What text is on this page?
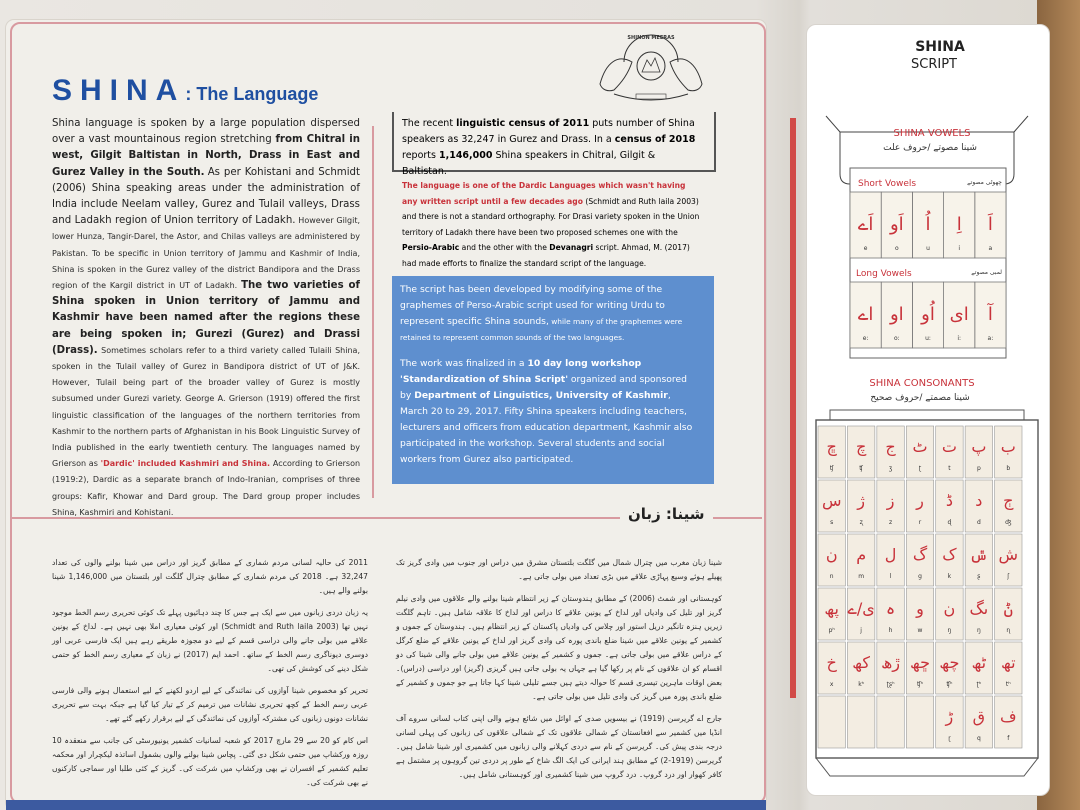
SHINA: The Language
SHINON MEERAS
Shina language is spoken by a large population dispersed over a vast mountainous region stretching from Chitral in west, Gilgit Baltistan in North, Drass in East and Gurez Valley in the South. As per Kohistani and Schmidt (2006) Shina speaking areas under the administration of India include Neelam valley, Gurez and Tulail valleys, Drass and Ladakh region of Union territory of Ladakh. However Gilgit, lower Hunza, Tangir-Darel, the Astor, and Chilas valleys are administered by Pakistan. To be specific in Union territory of Jammu and Kashmir of India, Shina is spoken in the Gurez valley of the district Bandipora and the Drass region of the Kargil district in UT of Ladakh. The two varieties of Shina spoken in Union territory of Jammu and Kashmir have been named after the regions these are being spoken in; Gurezi (Gurez) and Drassi (Drass). Sometimes scholars refer to a third variety called Tulaili Shina, spoken in the Tulail valley of Gurez in Bandipora district of UT of J&K. However, Tulail being part of the broader valley of Gurez is mostly subsumed under Gurezi variety. George A. Grierson (1919) offered the first linguistic classification of the languages of the northern territories from Kashmir to the northern parts of Afghanistan in his Book Linguistic Survey of India published in the early twentieth century. The languages named by Grierson as 'Dardic' included Kashmiri and Shina. According to Grierson (1919:2), Dardic as a separate branch of Indo-Iranian, comprises of three groups: Kafir, Khowar and Dard group. The Dard group proper includes Shina, Kashmiri and Kohistani.
The recent linguistic census of 2011 puts number of Shina speakers as 32,247 in Gurez and Drass. In a census of 2018 reports 1,146,000 Shina speakers in Chitral, Gilgit & Baltistan.
The language is one of the Dardic Languages which wasn't having any written script until a few decades ago (Schmidt and Ruth laila 2003) and there is not a standard orthography. For Drasi variety spoken in the Union territory of Ladakh there have been two proposed schemes one with the Persio-Arabic and the other with the Devanagri script. Ahmad, M. (2017) had made efforts to finalize the standard script of the language.
The script has been developed by modifying some of the graphemes of Perso-Arabic script used for writing Urdu to represent specific Shina sounds, while many of the graphemes were retained to represent common sounds of the two languages.
The work was finalized in a 10 day long workshop 'Standardization of Shina Script' organized and sponsored by Department of Linguistics, University of Kashmir, March 20 to 29, 2017. Fifty Shina speakers including teachers, lecturers and officers from education department, Kashmir also participated in the workshop. Several students and social workers from Gurez also participated.
شینا: زبان

2011 کی حالیہ لسانی مردم شماری کے مطابق گریز اور دراس میں شینا بولنے والوں کی تعداد 32,247 ہے۔ 2018 کی مردم شماری کے مطابق چترال گلگت اور بلتستان میں 1,146,000 شینا بولنے والے ہیں۔

یہ زبان دردی زبانوں میں سے ایک ہے جس کا چند دہائیوں پہلے تک کوئی تحریری رسم الخط موجود نہیں تھا (Schmidt and Ruth laila 2003) اور کوئی معیاری املا بھی نہیں ہے۔ لداخ کے یونین علاقے میں بولی جانے والی دراسی قسم کے لیے دو مجوزہ طریقے رہے ہیں ایک فارسی عربی اور دوسری دیوناگری رسم الخط کے ساتھ۔ احمد ایم (2017) نے زبان کے معیاری رسم الخط کو حتمی شکل دینے کی کوشش کی تھی۔

تحریر کو مخصوص شینا آوازوں کی نمائندگی کے لیے اردو لکھنے کے لیے استعمال ہونے والی فارسی عربی رسم الخط کے کچھ تحریری نشانات میں ترمیم کر کے تیار کیا گیا ہے جبکہ بہت سے تحریری نشانات دونوں زبانوں کی مشترکہ آوازوں کی نمائندگی کے لیے برقرار رکھے گئے تھے۔

اس کام کو 20 سے 29 مارچ 2017 کو شعبہ لسانیات کشمیر یونیورسٹی کی جانب سے منعقدہ 10 روزہ ورکشاپ میں حتمی شکل دی گئی۔ پچاس شینا بولنے والوں بشمول اساتذہ لیکچرار اور محکمہ تعلیم کشمیر کے افسران نے بھی ورکشاپ میں شرکت کی۔ گریز کے کئی طلبا اور سماجی کارکنوں نے بھی شرکت کی۔

شینا زبان مغرب میں چترال شمال میں گلگت بلتستان مشرق میں دراس اور جنوب میں وادی گریز تک پھیلے ہوئے وسیع پہاڑی علاقے میں بڑی تعداد میں بولی جاتی ہے۔

کوہستانی اور شمٹ (2006) کے مطابق ہندوستان کے زیر انتظام شینا بولنے والے علاقوں میں وادی نیلم گریز اور تلیل کی وادیاں اور لداخ کے یونین علاقے کا دراس اور لداخ کا علاقہ شامل ہیں۔ تاہم گلگت زیریں ہنزہ تانگیر دریل استور اور چلاس کی وادیاں پاکستان کے زیر انتظام ہیں۔ ہندوستان کے جموں و کشمیر کے یونین علاقے میں شینا ضلع باندی پورہ کی وادی گریز اور لداخ کے یونین علاقے کے ضلع کرگل کے دراس علاقے میں بولی جاتی ہے۔ جموں و کشمیر کے یونین علاقے میں بولی جانے والی شینا کی دو اقسام کو ان علاقوں کے نام پر رکھا گیا ہے جہاں یہ بولی جاتی ہیں گریزی (گریز) اور دراسی (دراس)۔ بعض اوقات ماہرین تیسری قسم کا حوالہ دیتے ہیں جسے تلیلی شینا کہا جاتا ہے جو جموں و کشمیر کے ضلع باندی پورہ میں گریز کی وادی تلیل میں بولی جاتی ہے۔

جارج اے گریرسن (1919) نے بیسویں صدی کے اوائل میں شائع ہونے والی اپنی کتاب لسانی سروے آف انڈیا میں کشمیر سے افغانستان کے شمالی علاقوں تک کے شمالی علاقوں کی زبانوں کی پہلی لسانی درجہ بندی پیش کی۔ گریرسن کے نام سے دردی کہلانے والی زبانوں میں کشمیری اور شینا شامل ہیں۔ گریرسن (1919-2) کے مطابق ہند ایرانی کی ایک الگ شاخ کے طور پر دردی تین گروہوں پر مشتمل ہے کافر کھوار اور درد گروپ۔ درد گروپ میں شینا کشمیری اور کوہستانی شامل ہیں۔

SHINA
SCRIPT
SHINA VOWELS
شینا مصوتے /حروف علت
Short Vowels	چھوٹی مصوتے
Long Vowels	لمبی مصوتے
SHINA CONSONANTS
شینا مصمتے /حروف صحیح
اَ
a
اِ
i
اُ
u
اَو
o
اَے
e
آ
a:
ای
i:
اُو
u:
او
o:
اے
e:
ب
b
پ
p
ت
t
ٹ
ʈ
ج
ʒ
چ
ʧ
ڇ
ʧ
ڄ
ʤ
د
d
ڈ
ɖ
ر
r
ز
z
ژ
ʐ
س
s
ش
ʃ
ݜ
ʂ
ک
k
گ
g
ل
l
م
m
ن
n
ݨ
ɳ
ںگ
ŋ
ن
ŋ
و
w
ہ
h
ی/ے
j
پھ
pʰ
تھ
tʰ
ٹھ
ʈʰ
چھ
ʧʰ
ڇھ
ʧʰ
ڙھ
ʈʂʰ
کھ
kʰ
خ
x
ف
f
ق
q
ڑ
ɽ
